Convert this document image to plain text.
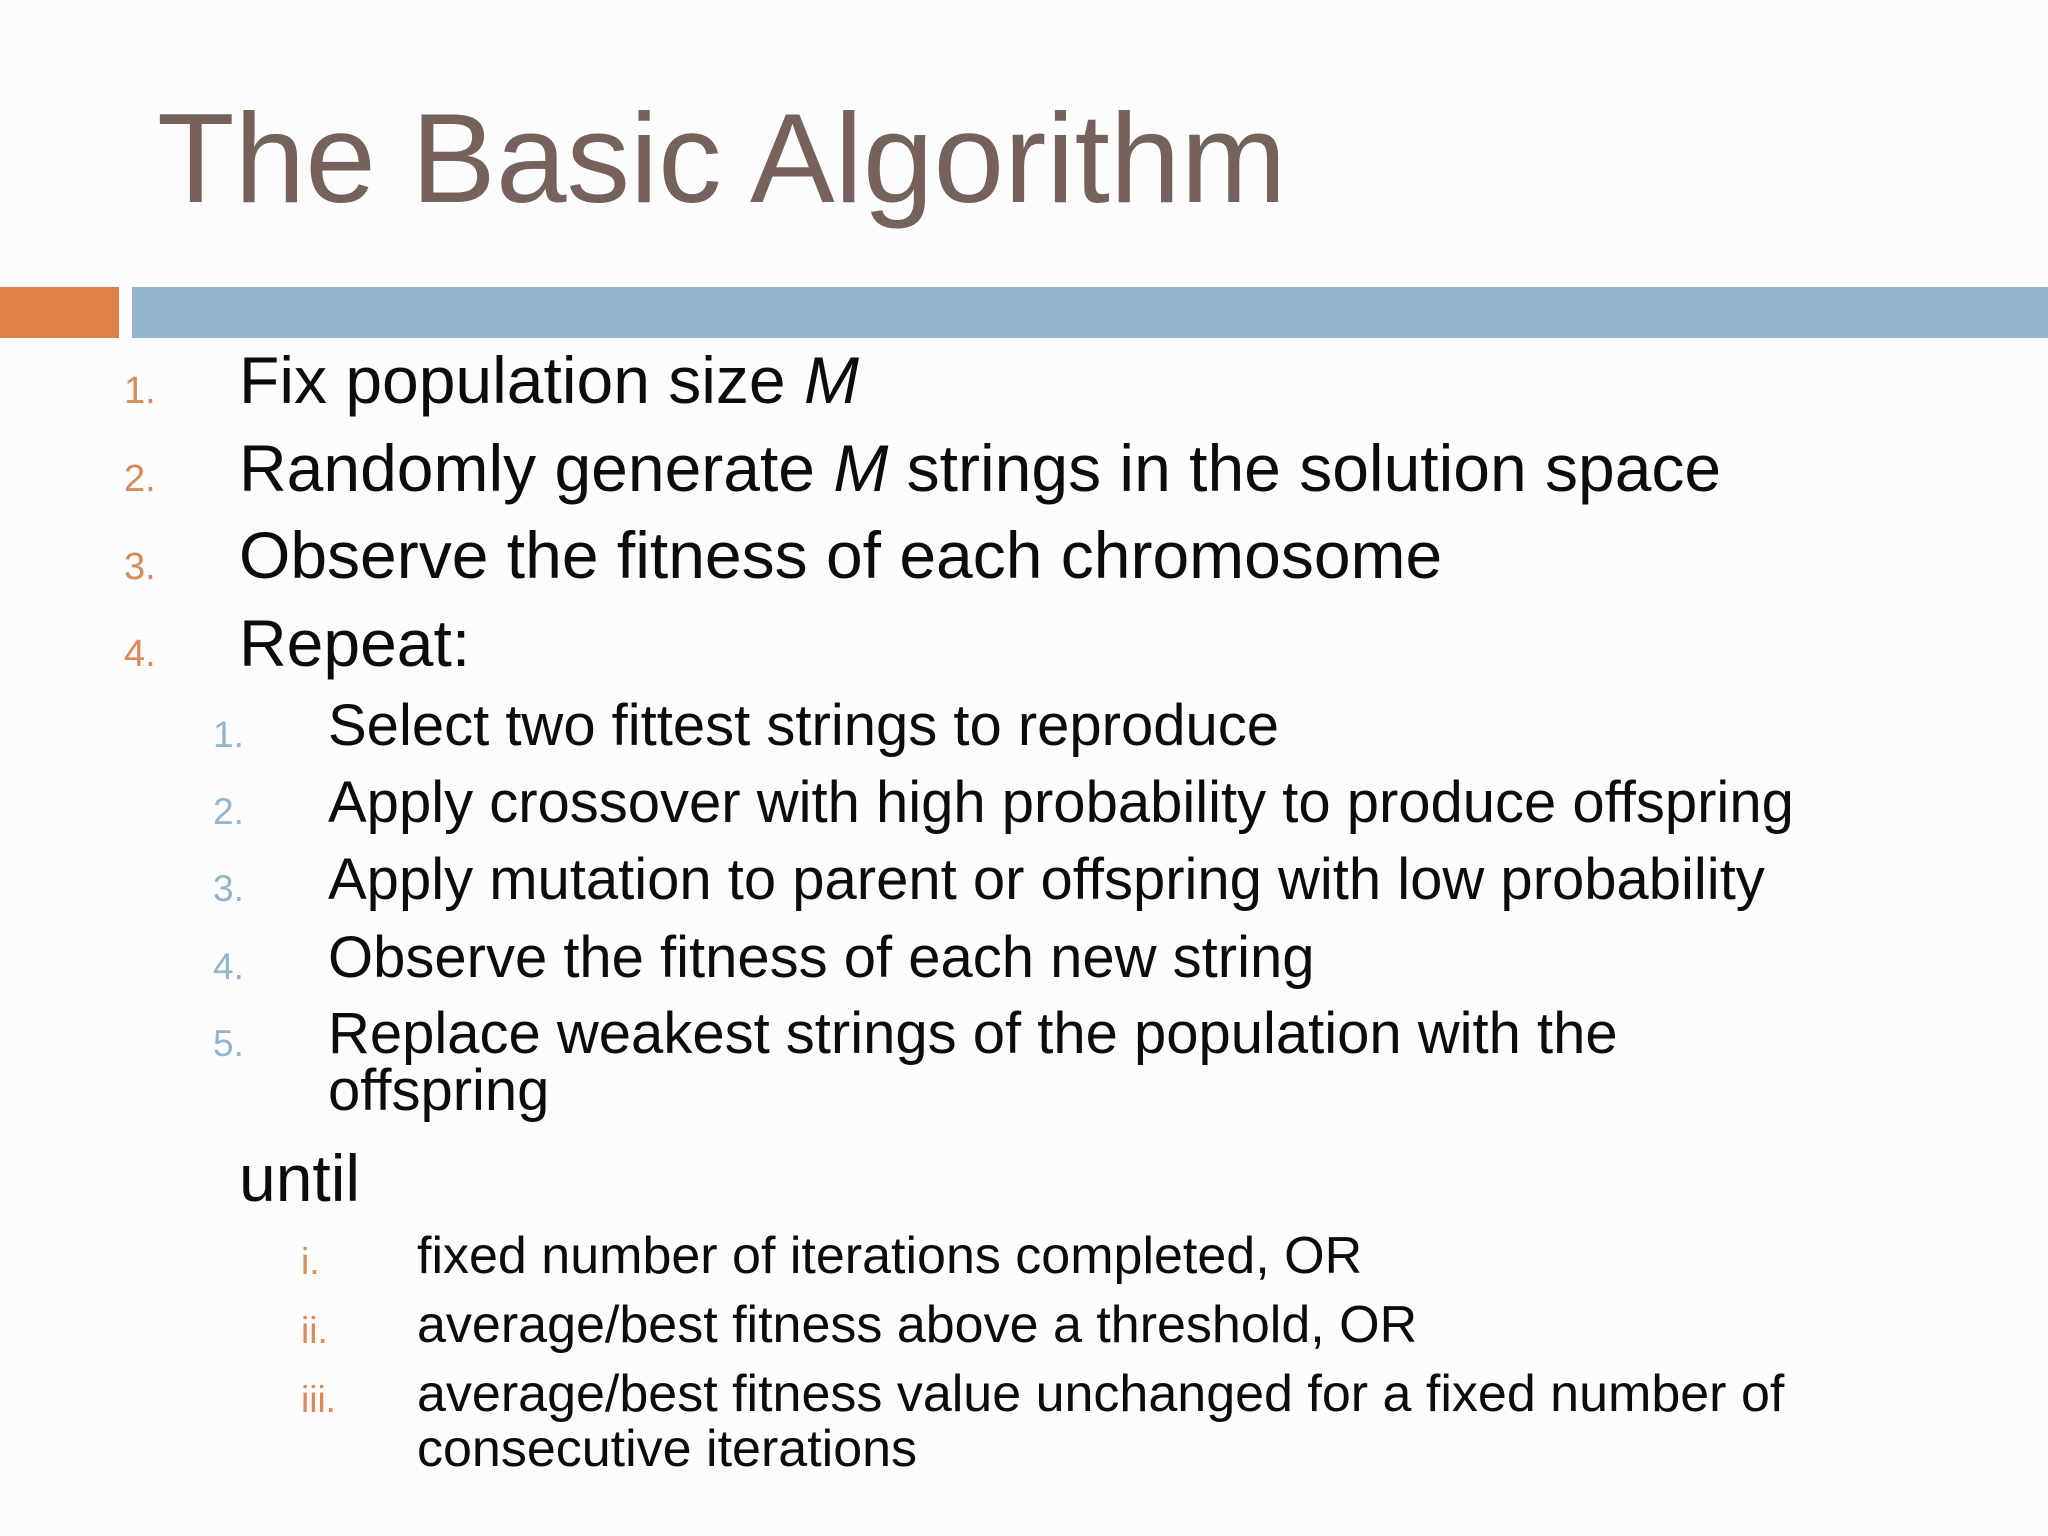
The Basic Algorithm
1. Fix population size M
2. Randomly generate M strings in the solution space
3. Observe the fitness of each chromosome
4. Repeat:
1. Select two fittest strings to reproduce
2. Apply crossover with high probability to produce offspring
3. Apply mutation to parent or offspring with low probability
4. Observe the fitness of each new string
5. Replace weakest strings of the population with the offspring
until
i. fixed number of iterations completed, OR
ii. average/best fitness above a threshold, OR
iii. average/best fitness value unchanged for a fixed number of consecutive iterations
